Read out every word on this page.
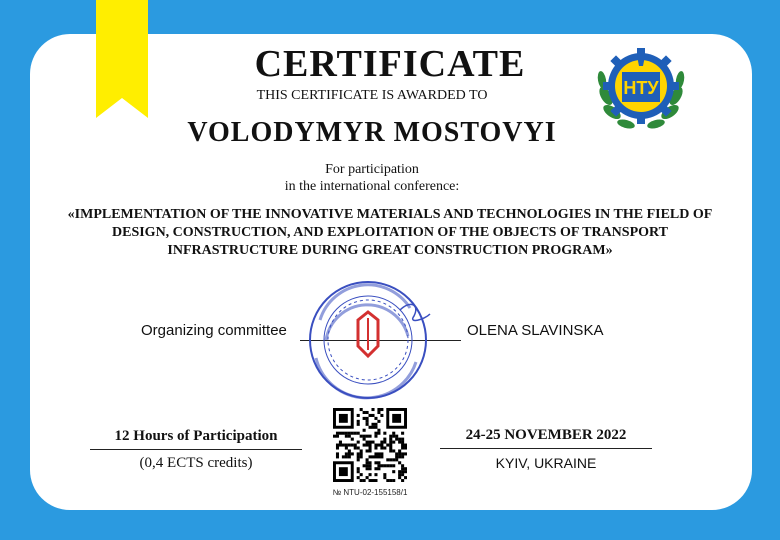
CERTIFICATE
THIS CERTIFICATE IS AWARDED TO
VOLODYMYR MOSTOVYI
For participation
in the international conference:
«IMPLEMENTATION OF THE INNOVATIVE MATERIALS AND TECHNOLOGIES IN THE FIELD OF
DESIGN, CONSTRUCTION, AND EXPLOITATION OF THE OBJECTS OF TRANSPORT
INFRASTRUCTURE DURING GREAT CONSTRUCTION PROGRAM»
НТУ
Organizing committee	OLENA SLAVINSKA
12 Hours of Participation
(0,4 ECTS credits)
24-25 NOVEMBER 2022
KYIV, UKRAINE
№ NTU-02-155158/1
